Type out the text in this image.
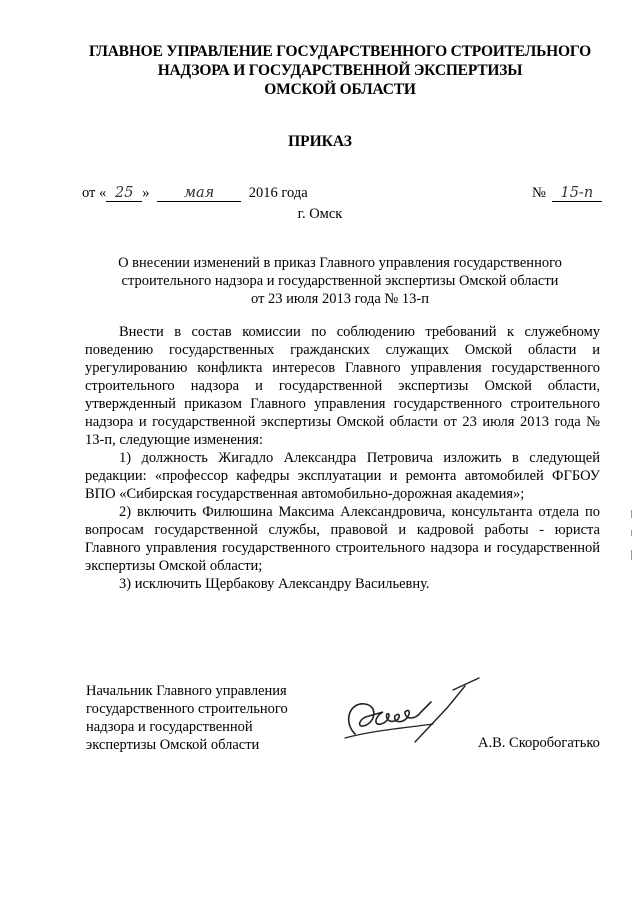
ГЛАВНОЕ УПРАВЛЕНИЕ ГОСУДАРСТВЕННОГО СТРОИТЕЛЬНОГО
НАДЗОРА И ГОСУДАРСТВЕННОЙ ЭКСПЕРТИЗЫ
ОМСКОЙ ОБЛАСТИ
ПРИКАЗ
от « 25 » мая 2016 года	№ 15-п
г. Омск
О внесении изменений в приказ Главного управления государственного
строительного надзора и государственной экспертизы Омской области
от 23 июля 2013 года № 13-п

Внести в состав комиссии по соблюдению требований к служебному поведению государственных гражданских служащих Омской области и урегулированию конфликта интересов Главного управления государственного строительного надзора и государственной экспертизы Омской области, утвержденный приказом Главного управления государственного строительного надзора и государственной экспертизы Омской области от 23 июля 2013 года № 13-п, следующие изменения:

1) должность Жигадло Александра Петровича изложить в следующей редакции: «профессор кафедры эксплуатации и ремонта автомобилей ФГБОУ ВПО «Сибирская государственная автомобильно-дорожная академия»;

2) включить Филюшина Максима Александровича, консультанта отдела по вопросам государственной службы, правовой и кадровой работы - юриста Главного управления государственного строительного надзора и государственной экспертизы Омской области;

3) исключить Щербакову Александру Васильевну.

Начальник Главного управления
государственного строительного
надзора и государственной
экспертизы Омской области	А.В. Скоробогатько
